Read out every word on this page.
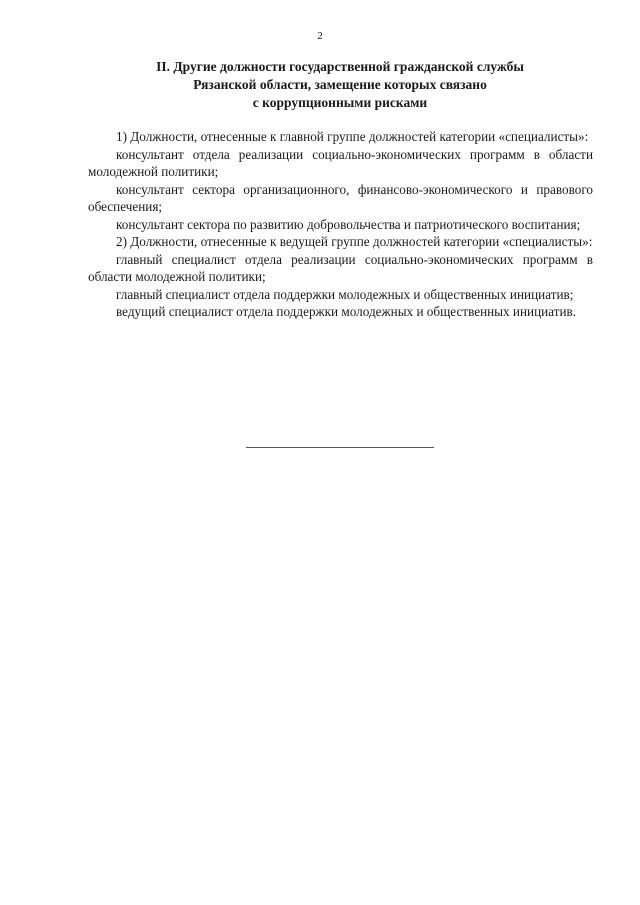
2
II. Другие должности государственной гражданской службы
Рязанской области, замещение которых связано
с коррупционными рисками

1) Должности, отнесенные к главной группе должностей категории «специалисты»:

консультант отдела реализации социально-экономических программ в области молодежной политики;

консультант сектора организационного, финансово-экономического и правового обеспечения;

консультант сектора по развитию добровольчества и патриотического воспитания;

2) Должности, отнесенные к ведущей группе должностей категории «специалисты»:

главный специалист отдела реализации социально-экономических программ в области молодежной политики;

главный специалист отдела поддержки молодежных и общественных инициатив;

ведущий специалист отдела поддержки молодежных и общественных инициатив.
